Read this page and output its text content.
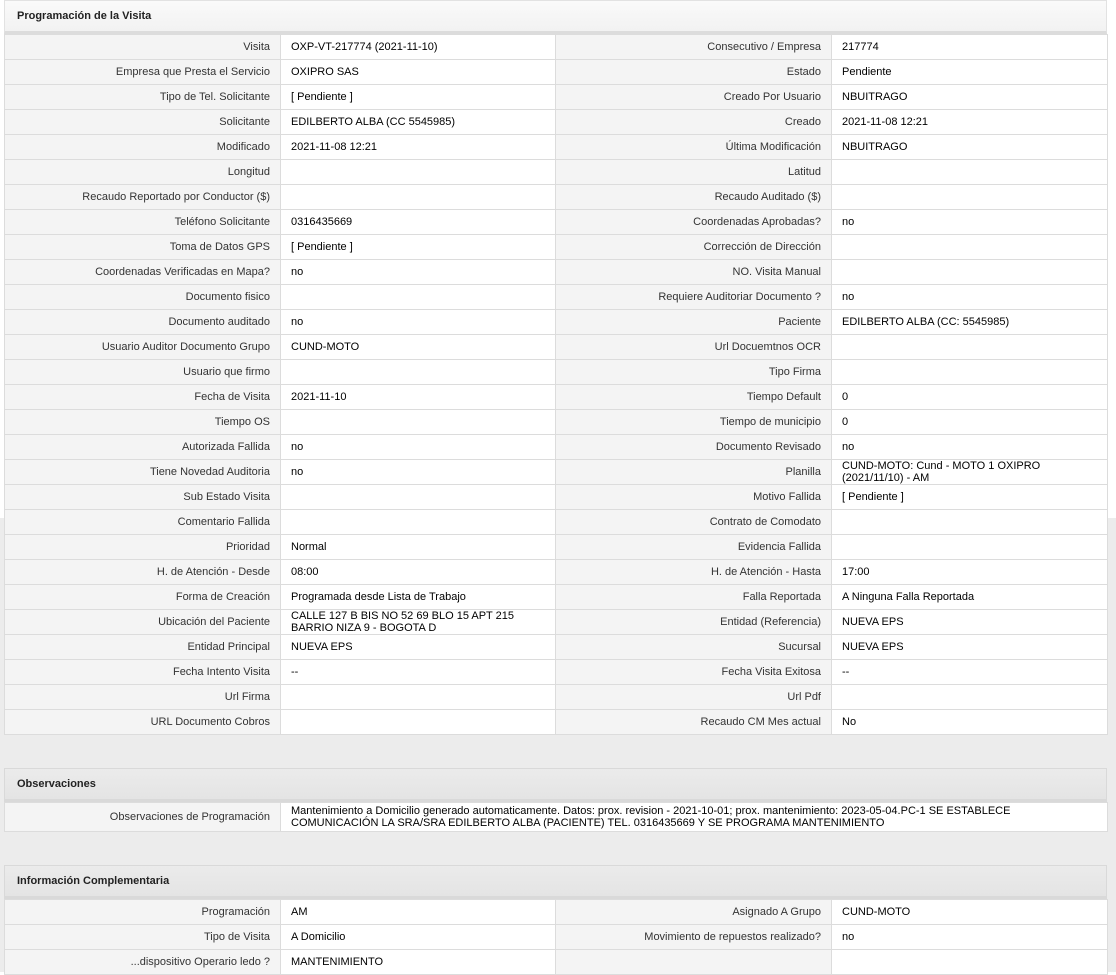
Programación de la Visita
Visita	OXP-VT-217774 (2021-11-10)	Consecutivo / Empresa	217774
Empresa que Presta el Servicio	OXIPRO SAS	Estado	Pendiente
Tipo de Tel. Solicitante	[ Pendiente ]	Creado Por Usuario	NBUITRAGO
Solicitante	EDILBERTO ALBA (CC 5545985)	Creado	2021-11-08 12:21
Modificado	2021-11-08 12:21	Última Modificación	NBUITRAGO
Longitud		Latitud	
Recaudo Reportado por Conductor ($)		Recaudo Auditado ($)	
Teléfono Solicitante	0316435669	Coordenadas Aprobadas?	no
Toma de Datos GPS	[ Pendiente ]	Corrección de Dirección	
Coordenadas Verificadas en Mapa?	no	NO. Visita Manual	
Documento fisico		Requiere Auditoriar Documento ?	no
Documento auditado	no	Paciente	EDILBERTO ALBA (CC: 5545985)
Usuario Auditor Documento Grupo	CUND-MOTO	Url Docuemtnos OCR	
Usuario que firmo		Tipo Firma	
Fecha de Visita	2021-11-10	Tiempo Default	0
Tiempo OS		Tiempo de municipio	0
Autorizada Fallida	no	Documento Revisado	no
Tiene Novedad Auditoria	no	Planilla	CUND-MOTO: Cund - MOTO 1 OXIPRO (2021/11/10) - AM
Sub Estado Visita		Motivo Fallida	[ Pendiente ]
Comentario Fallida		Contrato de Comodato	
Prioridad	Normal	Evidencia Fallida	
H. de Atención - Desde	08:00	H. de Atención - Hasta	17:00
Forma de Creación	Programada desde Lista de Trabajo	Falla Reportada	A Ninguna Falla Reportada
Ubicación del Paciente	CALLE 127 B BIS NO 52 69 BLO 15 APT 215 BARRIO NIZA 9 - BOGOTA D	Entidad (Referencia)	NUEVA EPS
Entidad Principal	NUEVA EPS	Sucursal	NUEVA EPS
Fecha Intento Visita	--	Fecha Visita Exitosa	--
Url Firma		Url Pdf	
URL Documento Cobros		Recaudo CM Mes actual	No
Observaciones
Observaciones de Programación	Mantenimiento a Domicilio generado automaticamente. Datos: prox. revision - 2021-10-01; prox. mantenimiento: 2023-05-04.PC-1 SE ESTABLECE COMUNICACIÓN LA SRA/SRA EDILBERTO ALBA (PACIENTE) TEL. 0316435669 Y SE PROGRAMA MANTENIMIENTO
Información Complementaria
Programación	AM	Asignado A Grupo	CUND-MOTO
Tipo de Visita	A Domicilio	Movimiento de repuestos realizado?	no
...dispositivo Operario ledo ?	MANTENIMIENTO		
